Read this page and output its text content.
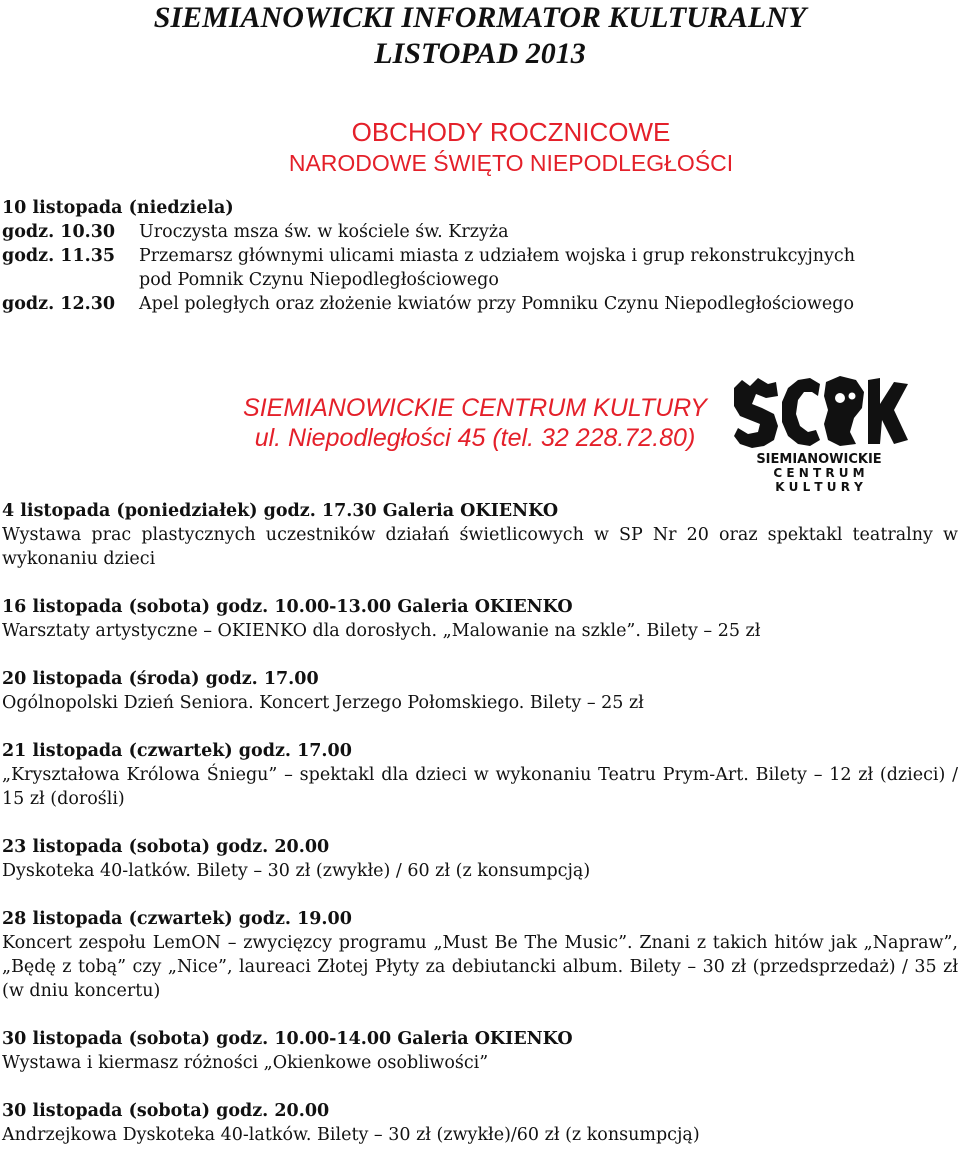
SIEMIANOWICKI INFORMATOR KULTURALNY
LISTOPAD 2013
OBCHODY ROCZNICOWE
NARODOWE ŚWIĘTO NIEPODLEGŁOŚCI
10 listopada (niedziela)
godz. 10.30	Uroczysta msza św. w kościele św. Krzyża
godz. 11.35	Przemarsz głównymi ulicami miasta z udziałem wojska i grup rekonstrukcyjnych
pod Pomnik Czynu Niepodległościowego
godz. 12.30	Apel poległych oraz złożenie kwiatów przy Pomniku Czynu Niepodległościowego
SIEMIANOWICKIE CENTRUM KULTURY
ul. Niepodległości 45 (tel. 32 228.72.80)
SIEMIANOWICKIE
C E N T R U M
K U L T U R Y
4 listopada (poniedziałek) godz. 17.30 Galeria OKIENKO
Wystawa prac plastycznych uczestników działań świetlicowych w SP Nr 20 oraz spektakl teatralny w wykonaniu dzieci
16 listopada (sobota) godz. 10.00-13.00 Galeria OKIENKO
Warsztaty artystyczne – OKIENKO dla dorosłych. „Malowanie na szkle”. Bilety – 25 zł
20 listopada (środa) godz. 17.00
Ogólnopolski Dzień Seniora. Koncert Jerzego Połomskiego. Bilety – 25 zł
21 listopada (czwartek) godz. 17.00
„Kryształowa Królowa Śniegu” – spektakl dla dzieci w wykonaniu Teatru Prym-Art. Bilety – 12 zł (dzieci) / 15 zł (dorośli)
23 listopada (sobota) godz. 20.00
Dyskoteka 40-latków. Bilety – 30 zł (zwykłe) / 60 zł (z konsumpcją)
28 listopada (czwartek) godz. 19.00
Koncert zespołu LemON – zwycięzcy programu „Must Be The Music”. Znani z takich hitów jak „Napraw”, „Będę z tobą” czy „Nice”, laureaci Złotej Płyty za debiutancki album. Bilety – 30 zł (przedsprzedaż) / 35 zł (w dniu koncertu)
30 listopada (sobota) godz. 10.00-14.00 Galeria OKIENKO
Wystawa i kiermasz różności „Okienkowe osobliwości”
30 listopada (sobota) godz. 20.00
Andrzejkowa Dyskoteka 40-latków. Bilety – 30 zł (zwykłe)/60 zł (z konsumpcją)
